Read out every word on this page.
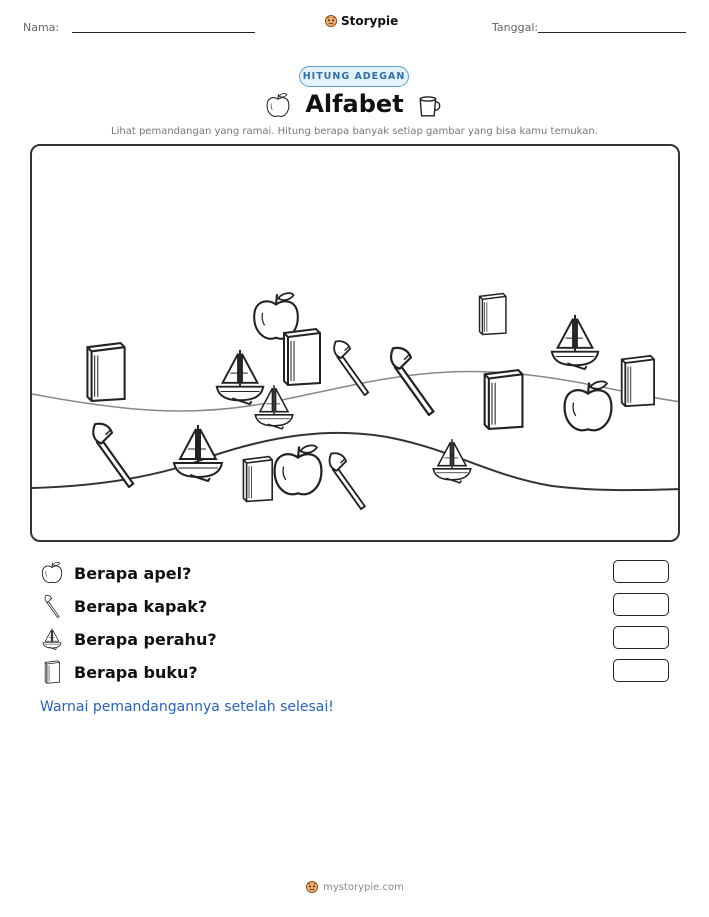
Nama:	Storypie	Tanggal:
HITUNG ADEGAN
Alfabet
Lihat pemandangan yang ramai. Hitung berapa banyak setiap gambar yang bisa kamu temukan.
Berapa apel?
Berapa kapak?
Berapa perahu?
Berapa buku?
Warnai pemandangannya setelah selesai!
mystorypie.com
